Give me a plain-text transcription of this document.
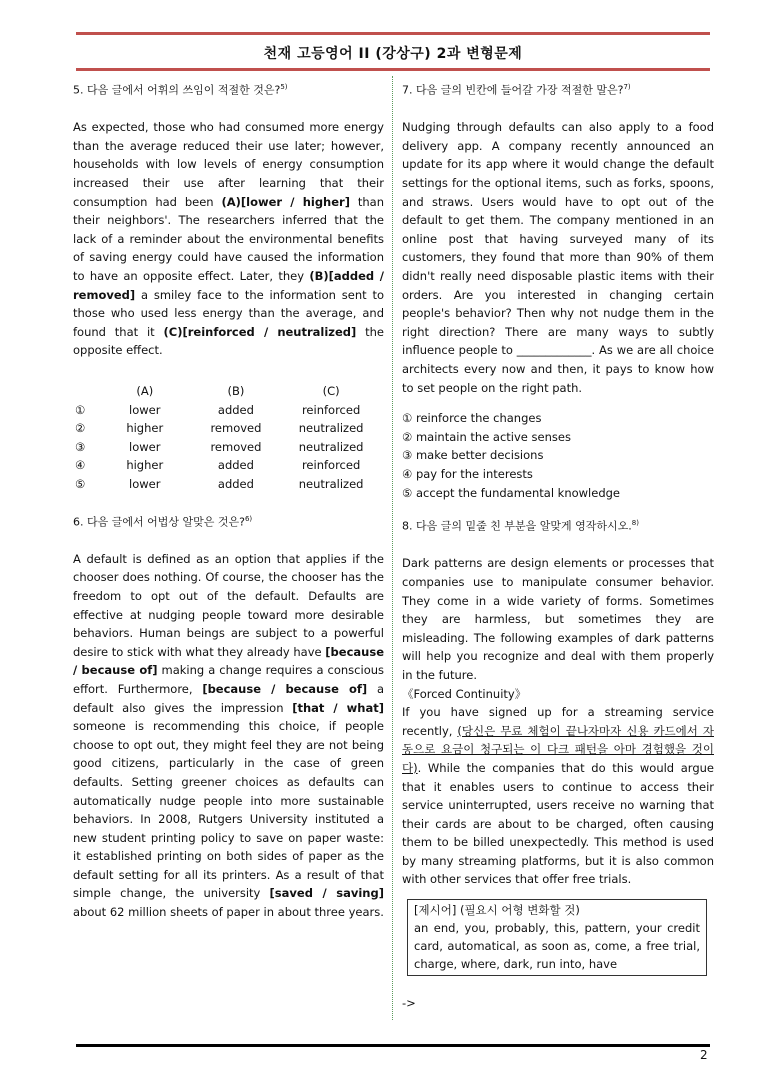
천재 고등영어 II (강상구) 2과 변형문제

5. 다음 글에서 어휘의 쓰임이 적절한 것은?$^{5)}$

As expected, those who had consumed more energy than the average reduced their use later; however, households with low levels of energy consumption increased their use after learning that their consumption had been (A)[lower / higher] than their neighbors'. The researchers inferred that the lack of a reminder about the environmental benefits of saving energy could have caused the information to have an opposite effect. Later, they (B)[added / removed] a smiley face to the information sent to those who used less energy than the average, and found that it (C)[reinforced / neutralized] the opposite effect.

	(A)	(B)	(C)
①	lower	added	reinforced
②	higher	removed	neutralized
③	lower	removed	neutralized
④	higher	added	reinforced
⑤	lower	added	neutralized

6. 다음 글에서 어법상 알맞은 것은?$^{6)}$

A default is defined as an option that applies if the chooser does nothing. Of course, the chooser has the freedom to opt out of the default. Defaults are effective at nudging people toward more desirable behaviors. Human beings are subject to a powerful desire to stick with what they already have [because / because of] making a change requires a conscious effort. Furthermore, [because / because of] a default also gives the impression [that / what] someone is recommending this choice, if people choose to opt out, they might feel they are not being good citizens, particularly in the case of green defaults. Setting greener choices as defaults can automatically nudge people into more sustainable behaviors. In 2008, Rutgers University instituted a new student printing policy to save on paper waste: it established printing on both sides of paper as the default setting for all its printers. As a result of that simple change, the university [saved / saving] about 62 million sheets of paper in about three years.

7. 다음 글의 빈칸에 들어갈 가장 적절한 말은?$^{7)}$

Nudging through defaults can also apply to a food delivery app. A company recently announced an update for its app where it would change the default settings for the optional items, such as forks, spoons, and straws. Users would have to opt out of the default to get them. The company mentioned in an online post that having surveyed many of its customers, they found that more than 90% of them didn't really need disposable plastic items with their orders. Are you interested in changing certain people's behavior? Then why not nudge them in the right direction? There are many ways to subtly influence people to _____________. As we are all choice architects every now and then, it pays to know how to set people on the right path.

① reinforce the changes
② maintain the active senses
③ make better decisions
④ pay for the interests
⑤ accept the fundamental knowledge

8. 다음 글의 밑줄 친 부분을 알맞게 영작하시오.$^{8)}$

Dark patterns are design elements or processes that companies use to manipulate consumer behavior. They come in a wide variety of forms. Sometimes they are harmless, but sometimes they are misleading. The following examples of dark patterns will help you recognize and deal with them properly in the future.

《Forced Continuity》

If you have signed up for a streaming service recently, (당신은 무료 체험이 끝나자마자 신용 카드에서 자동으로 요금이 청구되는 이 다크 패턴을 아마 경험했을 것이다). While the companies that do this would argue that it enables users to continue to access their service uninterrupted, users receive no warning that their cards are about to be charged, often causing them to be billed unexpectedly. This method is used by many streaming platforms, but it is also common with other services that offer free trials.

[제시어] (필요시 어형 변화할 것)
an end, you, probably, this, pattern, your credit card, automatical, as soon as, come, a free trial, charge, where, dark, run into, have
->
2
